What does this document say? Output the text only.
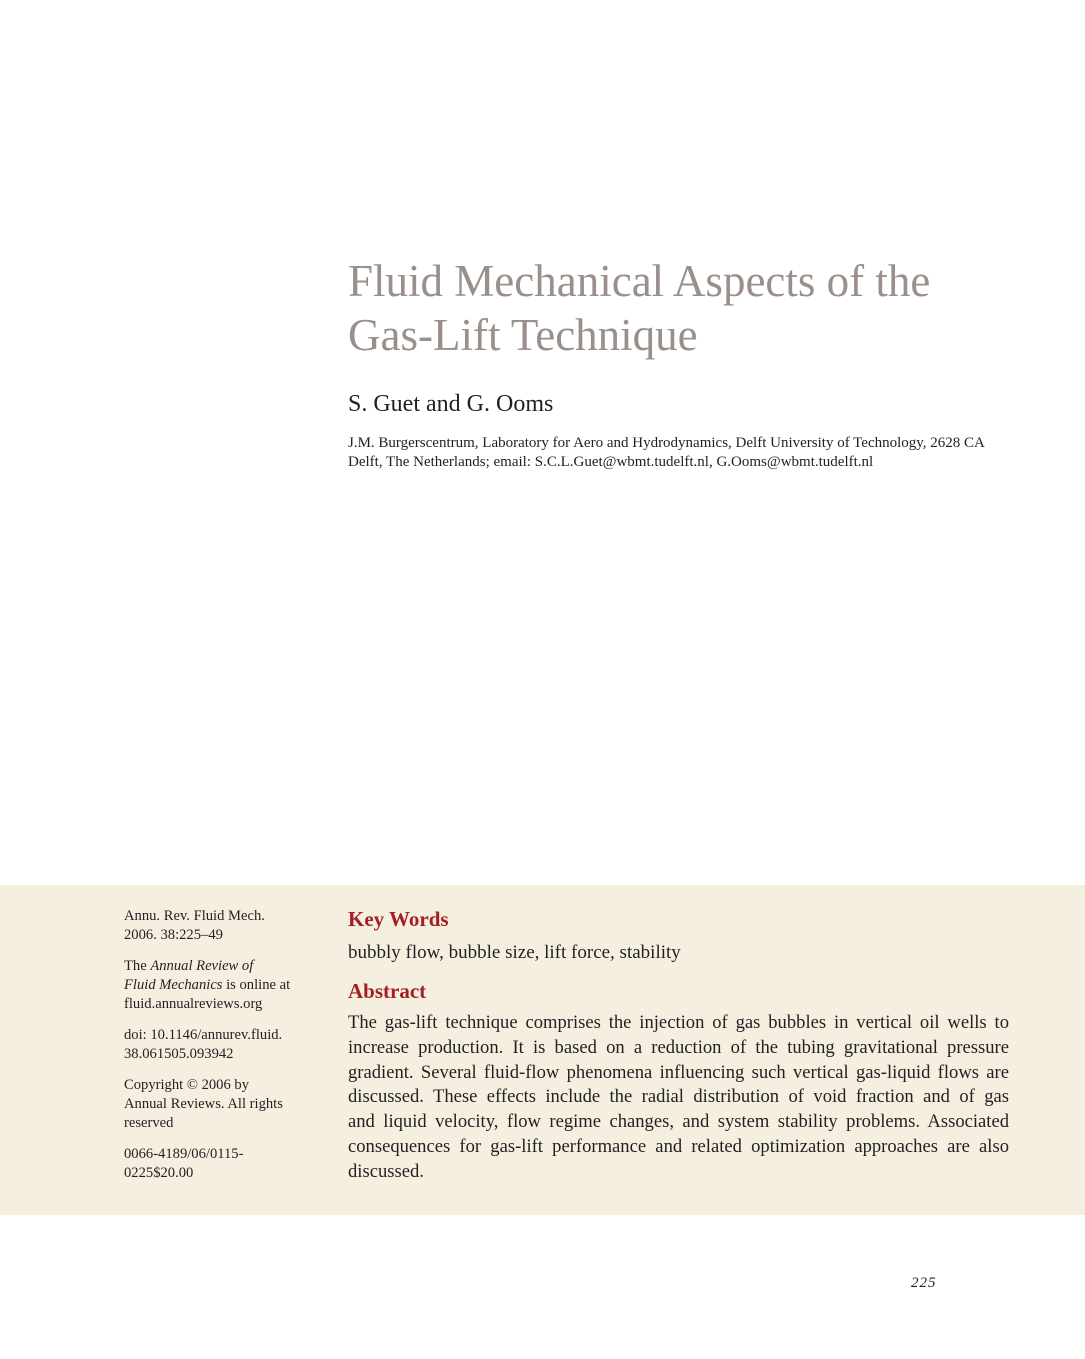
Fluid Mechanical Aspects of the
Gas-Lift Technique

S. Guet and G. Ooms

J.M. Burgerscentrum, Laboratory for Aero and Hydrodynamics, Delft University of Technology, 2628 CA
Delft, The Netherlands; email: S.C.L.Guet@wbmt.tudelft.nl, G.Ooms@wbmt.tudelft.nl

Annu. Rev. Fluid Mech.
2006. 38:225–49

The Annual Review of
Fluid Mechanics is online at
fluid.annualreviews.org

doi: 10.1146/annurev.fluid.
38.061505.093942

Copyright © 2006 by
Annual Reviews. All rights
reserved

0066-4189/06/0115-
0225$20.00

Key Words

bubbly flow, bubble size, lift force, stability

Abstract

The gas-lift technique comprises the injection of gas bubbles in vertical oil wells to
increase production. It is based on a reduction of the tubing gravitational pressure
gradient. Several fluid-flow phenomena influencing such vertical gas-liquid flows are
discussed. These effects include the radial distribution of void fraction and of gas
and liquid velocity, flow regime changes, and system stability problems. Associated
consequences for gas-lift performance and related optimization approaches are also
discussed.

225
